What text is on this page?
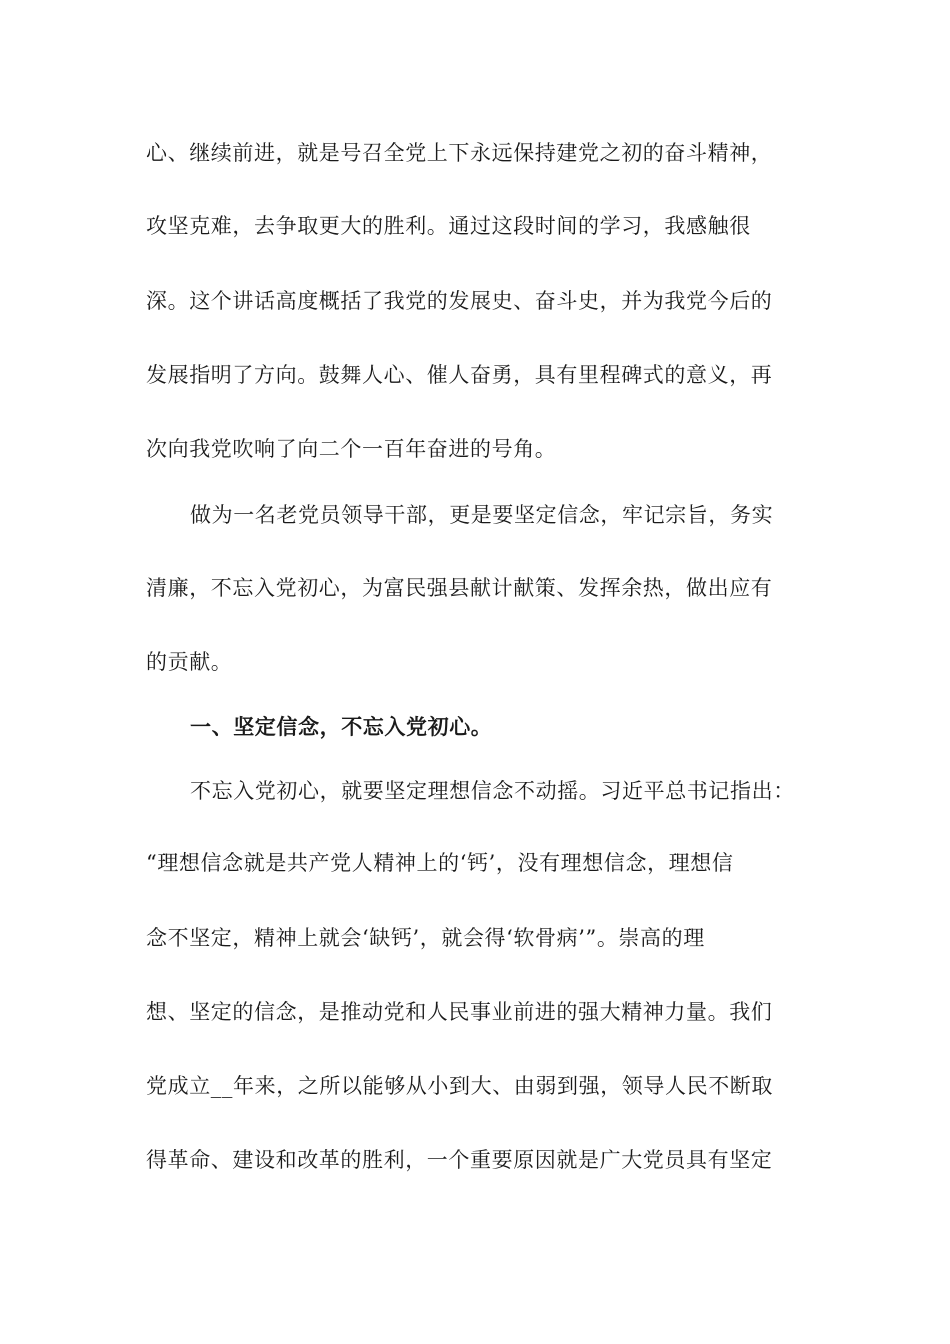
心、继续前进，就是号召全党上下永远保持建党之初的奋斗精神，
攻坚克难，去争取更大的胜利。通过这段时间的学习，我感触很
深。这个讲话高度概括了我党的发展史、奋斗史，并为我党今后的
发展指明了方向。鼓舞人心、催人奋勇，具有里程碑式的意义，再
次向我党吹响了向二个一百年奋进的号角。
做为一名老党员领导干部，更是要坚定信念，牢记宗旨，务实
清廉，不忘入党初心，为富民强县献计献策、发挥余热，做出应有
的贡献。
一、坚定信念，不忘入党初心。
不忘入党初心，就要坚定理想信念不动摇。习近平总书记指出：
“理想信念就是共产党人精神上的‘钙’，没有理想信念，理想信
念不坚定，精神上就会‘缺钙’，就会得‘软骨病’”。崇高的理
想、坚定的信念，是推动党和人民事业前进的强大精神力量。我们
党成立__年来，之所以能够从小到大、由弱到强，领导人民不断取
得革命、建设和改革的胜利，一个重要原因就是广大党员具有坚定
